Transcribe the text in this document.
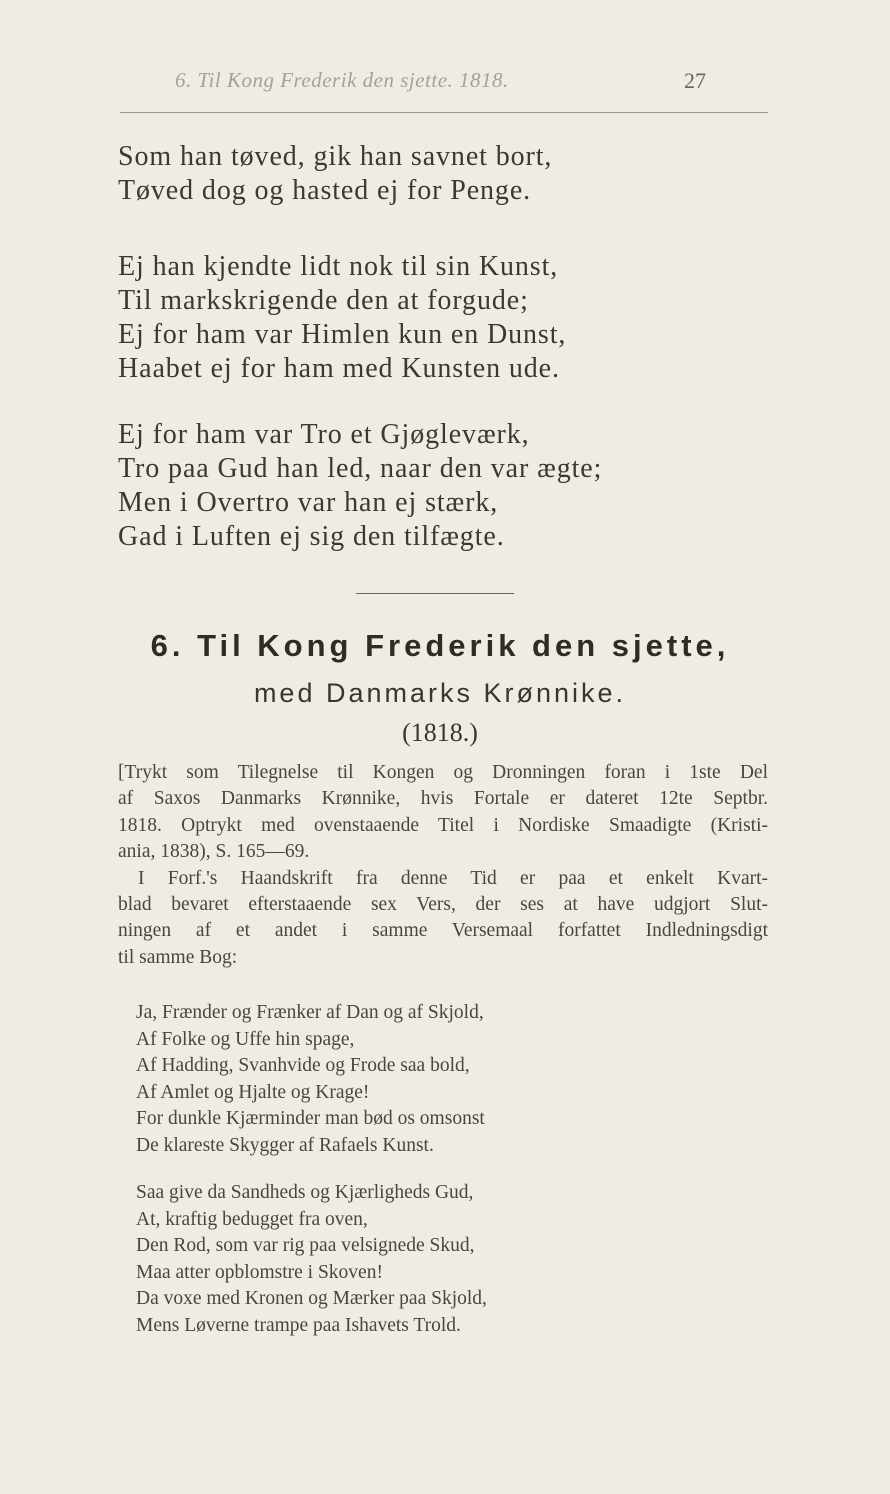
6. Til Kong Frederik den sjette. 1818.	27
Som han tøved, gik han savnet bort,
Tøved dog og hasted ej for Penge.
Ej han kjendte lidt nok til sin Kunst,
Til markskrigende den at forgude;
Ej for ham var Himlen kun en Dunst,
Haabet ej for ham med Kunsten ude.
Ej for ham var Tro et Gjøgleværk,
Tro paa Gud han led, naar den var ægte;
Men i Overtro var han ej stærk,
Gad i Luften ej sig den tilfægte.
6. Til Kong Frederik den sjette,
med Danmarks Krønnike.
(1818.)
[Trykt som Tilegnelse til Kongen og Dronningen foran i 1ste Del
af Saxos Danmarks Krønnike, hvis Fortale er dateret 12te Septbr.
1818. Optrykt med ovenstaaende Titel i Nordiske Smaadigte (Kristi-
ania, 1838), S. 165—69.
I Forf.'s Haandskrift fra denne Tid er paa et enkelt Kvart-
blad bevaret efterstaaende sex Vers, der ses at have udgjort Slut-
ningen af et andet i samme Versemaal forfattet Indledningsdigt
til samme Bog:
Ja, Frænder og Frænker af Dan og af Skjold,
Af Folke og Uffe hin spage,
Af Hadding, Svanhvide og Frode saa bold,
Af Amlet og Hjalte og Krage!
For dunkle Kjærminder man bød os omsonst
De klareste Skygger af Rafaels Kunst.
Saa give da Sandheds og Kjærligheds Gud,
At, kraftig bedugget fra oven,
Den Rod, som var rig paa velsignede Skud,
Maa atter opblomstre i Skoven!
Da voxe med Kronen og Mærker paa Skjold,
Mens Løverne trampe paa Ishavets Trold.
